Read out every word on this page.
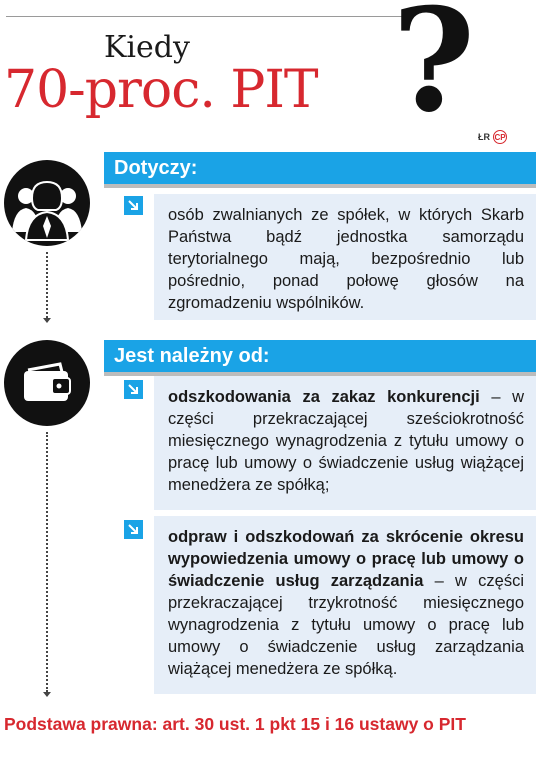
Kiedy
70-proc. PIT ? ŁR CP
Dotyczy:
osób zwalnianych ze spółek, w których Skarb Państwa bądź jednostka samorządu terytorialnego mają, bezpośrednio lub pośrednio, ponad połowę głosów na zgromadzeniu wspólników.
Jest należny od:
odszkodowania za zakaz konkurencji – w części przekraczającej sześciokrotność miesięcznego wynagrodzenia z tytułu umowy o pracę lub umowy o świadczenie usług wiążącej menedżera ze spółką;
odpraw i odszkodowań za skrócenie okresu wypowiedzenia umowy o pracę lub umowy o świadczenie usług zarządzania – w części przekraczającej trzykrotność miesięcznego wynagrodzenia z tytułu umowy o pracę lub umowy o świadczenie usług zarządzania wiążącej menedżera ze spółką.
Podstawa prawna: art. 30 ust. 1 pkt 15 i 16 ustawy o PIT
